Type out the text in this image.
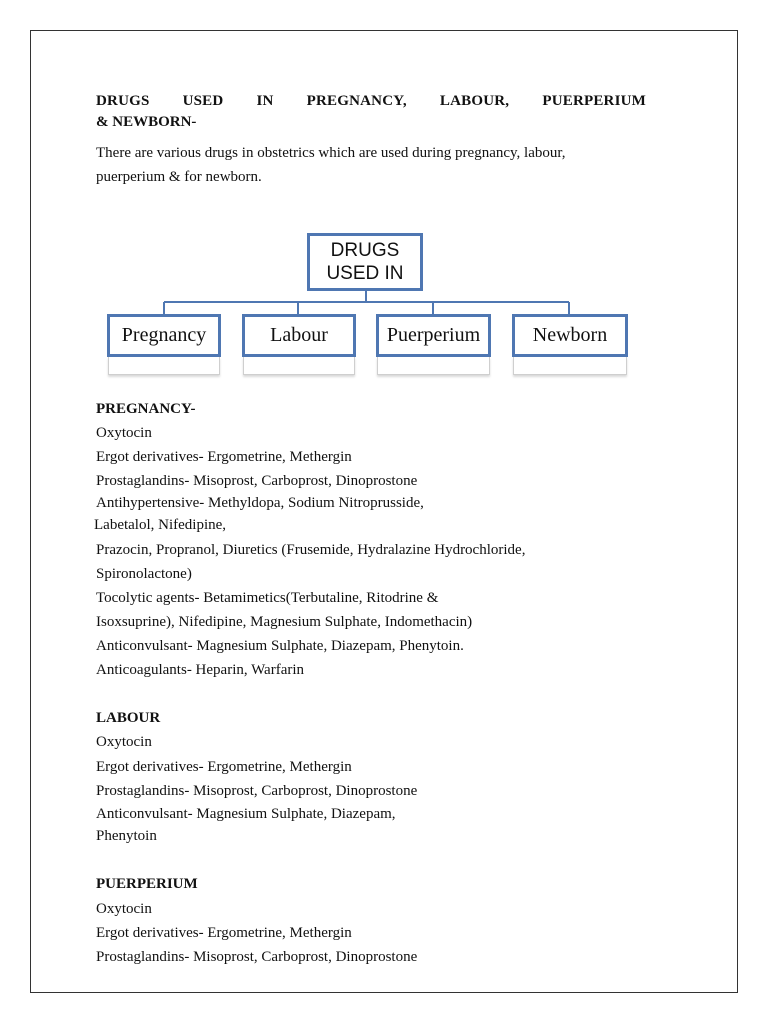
DRUGS USED IN PREGNANCY, LABOUR, PUERPERIUM
& NEWBORN-
There are various drugs in obstetrics which are used during pregnancy, labour,
puerperium & for newborn.
DRUGS
USED IN
Pregnancy	Labour	Puerperium	Newborn
PREGNANCY-
Oxytocin
Ergot derivatives- Ergometrine, Methergin
Prostaglandins- Misoprost, Carboprost, Dinoprostone
Antihypertensive- Methyldopa, Sodium Nitroprusside,
Labetalol, Nifedipine,
Prazocin, Propranol, Diuretics (Frusemide, Hydralazine Hydrochloride,
Spironolactone)
Tocolytic agents- Betamimetics(Terbutaline, Ritodrine &
Isoxsuprine), Nifedipine, Magnesium Sulphate, Indomethacin)
Anticonvulsant- Magnesium Sulphate, Diazepam, Phenytoin.
Anticoagulants- Heparin, Warfarin
LABOUR
Oxytocin
Ergot derivatives- Ergometrine, Methergin
Prostaglandins- Misoprost, Carboprost, Dinoprostone
Anticonvulsant- Magnesium Sulphate, Diazepam,
Phenytoin
PUERPERIUM
Oxytocin
Ergot derivatives- Ergometrine, Methergin
Prostaglandins- Misoprost, Carboprost, Dinoprostone
